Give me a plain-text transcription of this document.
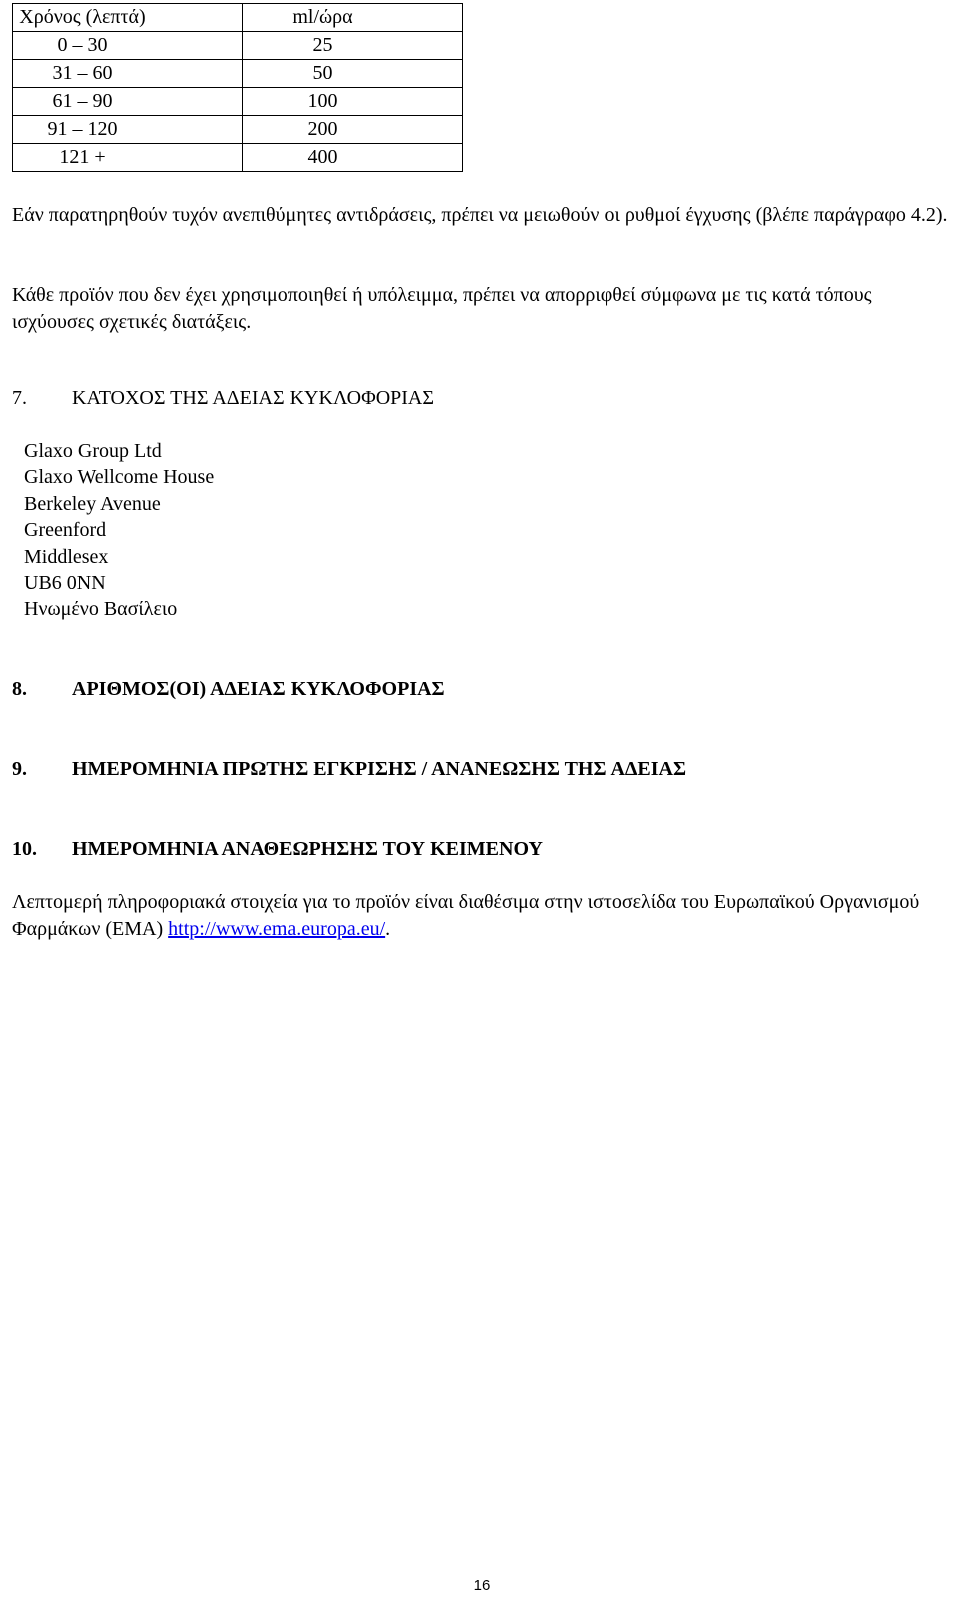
Χρόνος (λεπτά)	ml/ώρα
0 – 30	25
31 – 60	50
61 – 90	100
91 – 120	200
121 +	400

Εάν παρατηρηθούν τυχόν ανεπιθύμητες αντιδράσεις, πρέπει να μειωθούν οι ρυθμοί έγχυσης (βλέπε παράγραφο 4.2).

Κάθε προϊόν που δεν έχει χρησιμοποιηθεί ή υπόλειμμα, πρέπει να απορριφθεί σύμφωνα με τις κατά τόπους ισχύουσες σχετικές διατάξεις.

7. ΚΑΤΟΧΟΣ ΤΗΣ ΑΔΕΙΑΣ ΚΥΚΛΟΦΟΡΙΑΣ
Glaxo Group Ltd
Glaxo Wellcome House
Berkeley Avenue
Greenford
Middlesex
UB6 0NN
Ηνωμένο Βασίλειο
8. ΑΡΙΘΜΟΣ(ΟΙ) ΑΔΕΙΑΣ ΚΥΚΛΟΦΟΡΙΑΣ
9. ΗΜΕΡΟΜΗΝΙΑ ΠΡΩΤΗΣ ΕΓΚΡΙΣΗΣ / ΑΝΑΝΕΩΣΗΣ ΤΗΣ ΑΔΕΙΑΣ
10. ΗΜΕΡΟΜΗΝΙΑ ΑΝΑΘΕΩΡΗΣΗΣ ΤΟΥ ΚΕΙΜΕΝΟΥ

Λεπτομερή πληροφοριακά στοιχεία για το προϊόν είναι διαθέσιμα στην ιστοσελίδα του Ευρωπαϊκού Οργανισμού Φαρμάκων (ΕΜΑ) http://www.ema.europa.eu/.

16
